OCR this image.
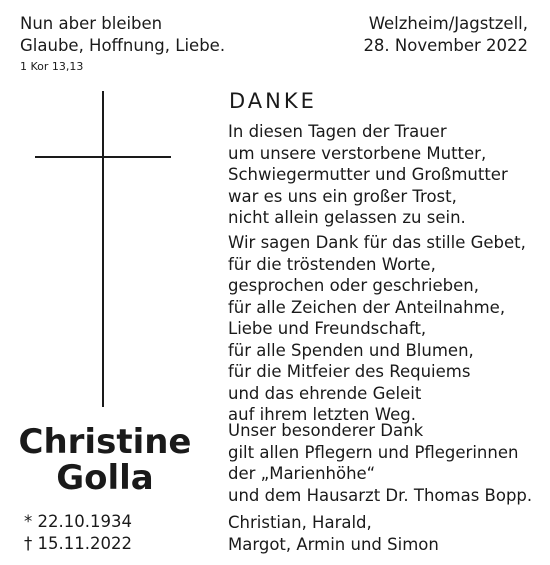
Nun aber bleiben
Glaube, Hoffnung, Liebe.
1 Kor 13,13
Welzheim/Jagstzell,
28. November 2022
Christine
Golla
* 22.10.1934
† 15.11.2022
DANKE
In diesen Tagen der Trauer
um unsere verstorbene Mutter,
Schwiegermutter und Großmutter
war es uns ein großer Trost,
nicht allein gelassen zu sein.
Wir sagen Dank für das stille Gebet,
für die tröstenden Worte,
gesprochen oder geschrieben,
für alle Zeichen der Anteilnahme,
Liebe und Freundschaft,
für alle Spenden und Blumen,
für die Mitfeier des Requiems
und das ehrende Geleit
auf ihrem letzten Weg.
Unser besonderer Dank
gilt allen Pflegern und Pflegerinnen
der „Marienhöhe“
und dem Hausarzt Dr. Thomas Bopp.
Christian, Harald,
Margot, Armin und Simon
